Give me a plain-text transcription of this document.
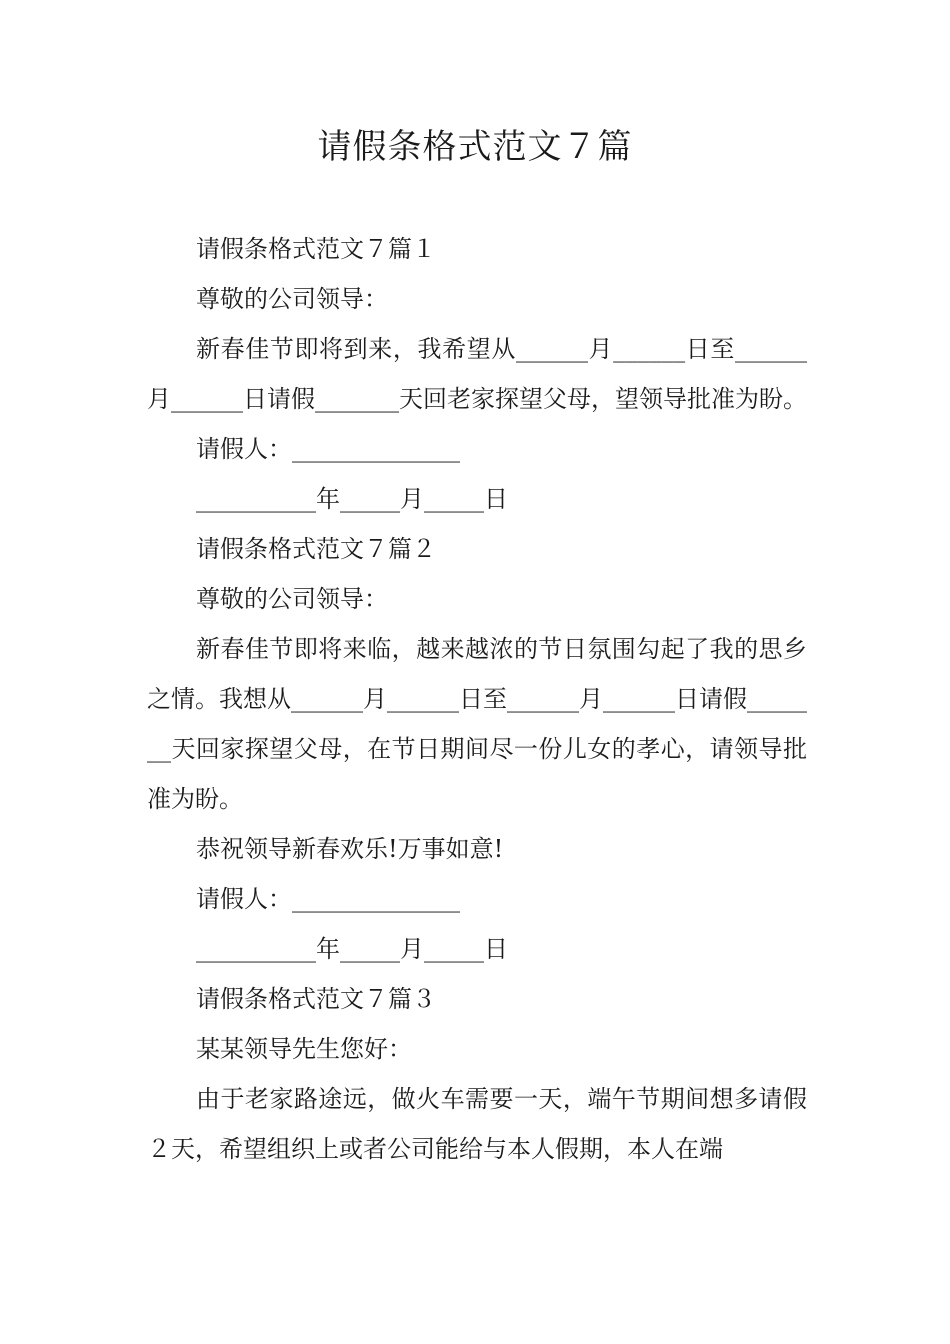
请假条格式范文７篇

请假条格式范文７篇１

尊敬的公司领导：

新春佳节即将到来，我希望从______月______日至______月______日请假_______天回老家探望父母，望领导批准为盼。

请假人：______________

__________年_____月_____日

请假条格式范文７篇２

尊敬的公司领导：

新春佳节即将来临，越来越浓的节日氛围勾起了我的思乡之情。我想从______月______日至______月______日请假_______天回家探望父母，在节日期间尽一份儿女的孝心，请领导批准为盼。

恭祝领导新春欢乐!万事如意!

请假人：______________

__________年_____月_____日

请假条格式范文７篇３

某某领导先生您好：

由于老家路途远，做火车需要一天，端午节期间想多请假２天，希望组织上或者公司能给与本人假期，本人在端
